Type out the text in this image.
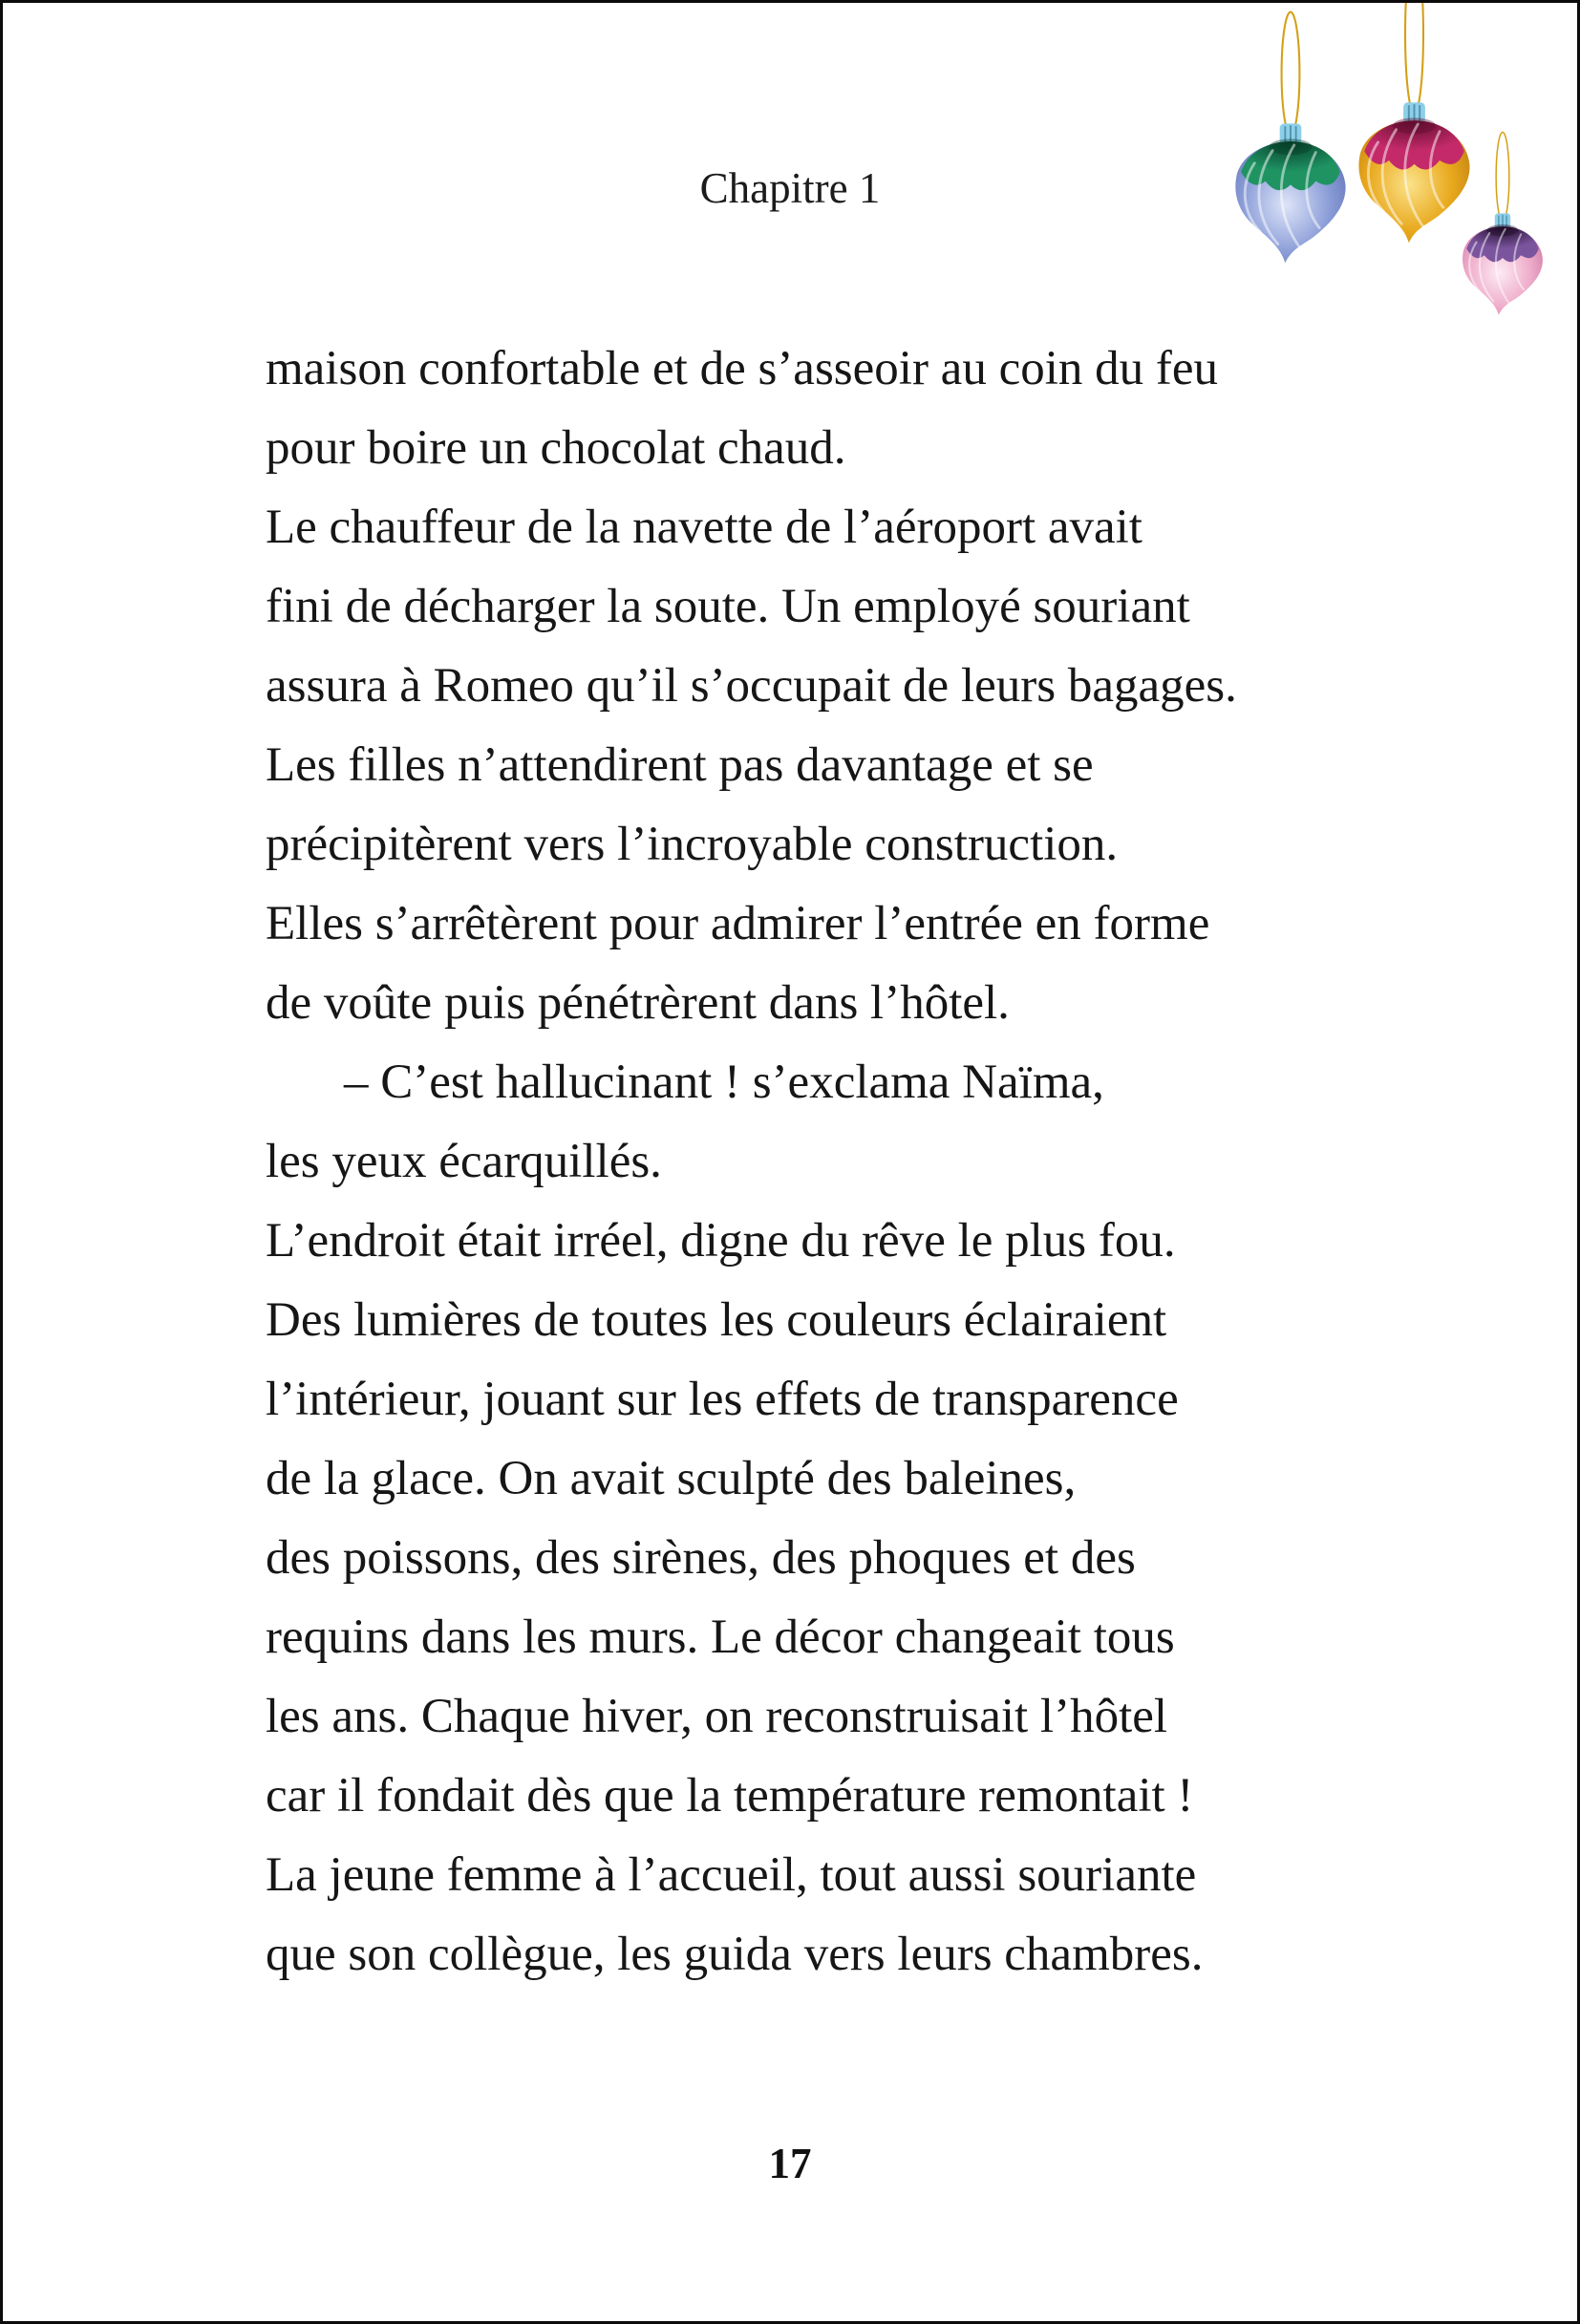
Chapitre 1
maison confortable et de s’asseoir au coin du feu
pour boire un chocolat chaud.
Le chauffeur de la navette de l’aéroport avait
fini de décharger la soute. Un employé souriant
assura à Romeo qu’il s’occupait de leurs bagages.
Les filles n’attendirent pas davantage et se
précipitèrent vers l’incroyable construction.
Elles s’arrêtèrent pour admirer l’entrée en forme
de voûte puis pénétrèrent dans l’hôtel.
– C’est hallucinant ! s’exclama Naïma,
les yeux écarquillés.
L’endroit était irréel, digne du rêve le plus fou.
Des lumières de toutes les couleurs éclairaient
l’intérieur, jouant sur les effets de transparence
de la glace. On avait sculpté des baleines,
des poissons, des sirènes, des phoques et des
requins dans les murs. Le décor changeait tous
les ans. Chaque hiver, on reconstruisait l’hôtel
car il fondait dès que la température remontait !
La jeune femme à l’accueil, tout aussi souriante
que son collègue, les guida vers leurs chambres.
17
